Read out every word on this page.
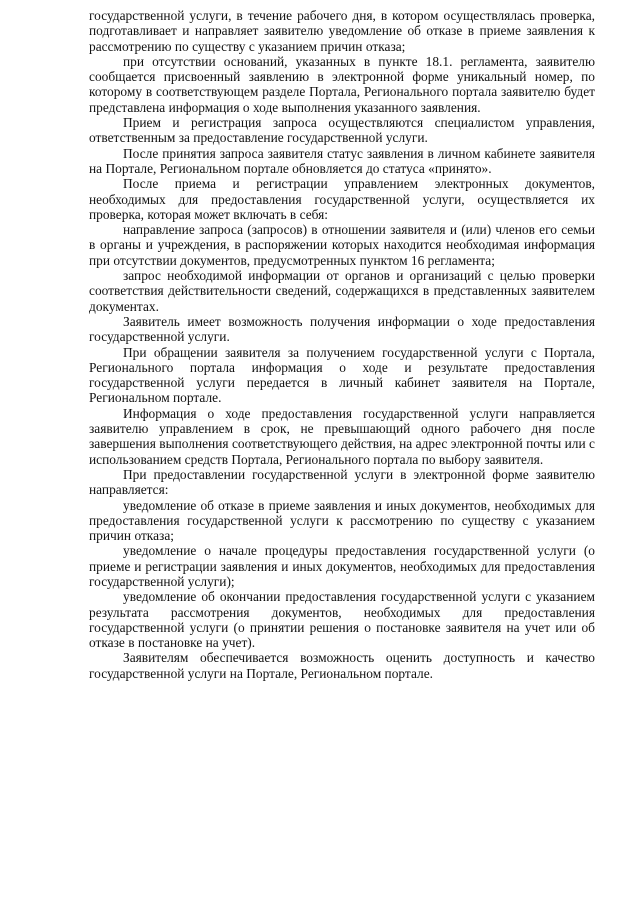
государственной услуги, в течение рабочего дня, в котором осуществлялась проверка, подготавливает и направляет заявителю уведомление об отказе в приеме заявления к рассмотрению по существу с указанием причин отказа;

при отсутствии оснований, указанных в пункте 18.1. регламента, заявителю сообщается присвоенный заявлению в электронной форме уникальный номер, по которому в соответствующем разделе Портала, Регионального портала заявителю будет представлена информация о ходе выполнения указанного заявления.

Прием и регистрация запроса осуществляются специалистом управления, ответственным за предоставление государственной услуги.

После принятия запроса заявителя статус заявления в личном кабинете заявителя на Портале, Региональном портале обновляется до статуса «принято».

После приема и регистрации управлением электронных документов, необходимых для предоставления государственной услуги, осуществляется их проверка, которая может включать в себя:

направление запроса (запросов) в отношении заявителя и (или) членов его семьи в органы и учреждения, в распоряжении которых находится необходимая информация при отсутствии документов, предусмотренных пунктом 16 регламента;

запрос необходимой информации от органов и организаций с целью проверки соответствия действительности сведений, содержащихся в представленных заявителем документах.

Заявитель имеет возможность получения информации о ходе предоставления государственной услуги.

При обращении заявителя за получением государственной услуги с Портала, Регионального портала информация о ходе и результате предоставления государственной услуги передается в личный кабинет заявителя на Портале, Региональном портале.

Информация о ходе предоставления государственной услуги направляется заявителю управлением в срок, не превышающий одного рабочего дня после завершения выполнения соответствующего действия, на адрес электронной почты или с использованием средств Портала, Регионального портала по выбору заявителя.

При предоставлении государственной услуги в электронной форме заявителю направляется:

уведомление об отказе в приеме заявления и иных документов, необходимых для предоставления государственной услуги к рассмотрению по существу с указанием причин отказа;

уведомление о начале процедуры предоставления государственной услуги (о приеме и регистрации заявления и иных документов, необходимых для предоставления государственной услуги);

уведомление об окончании предоставления государственной услуги с указанием результата рассмотрения документов, необходимых для предоставления государственной услуги (о принятии решения о постановке заявителя на учет или об отказе в постановке на учет).

Заявителям обеспечивается возможность оценить доступность и качество государственной услуги на Портале, Региональном портале.
